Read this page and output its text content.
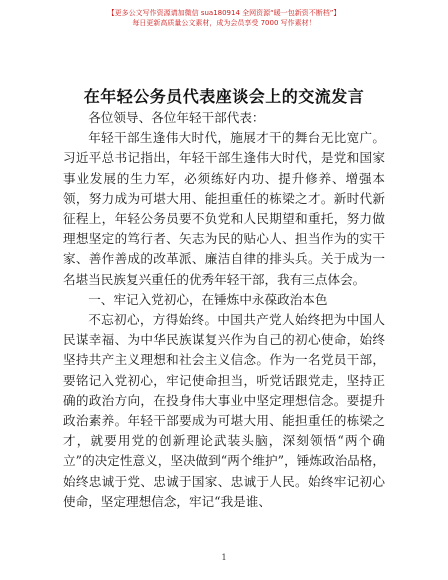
【更多公文写作资源请加微信 sua180914 全网资源“暖一包新资不断档”】
每日更新高质量公文素材，成为会员享受 7000 写作素材！
在年轻公务员代表座谈会上的交流发言

各位领导、各位年轻干部代表：

年轻干部生逢伟大时代，施展才干的舞台无比宽广。习近平总书记指出，年轻干部生逢伟大时代，是党和国家事业发展的生力军，必须练好内功、提升修养、增强本领，努力成为可堪大用、能担重任的栋梁之才。新时代新征程上，年轻公务员要不负党和人民期望和重托，努力做理想坚定的笃行者、矢志为民的贴心人、担当作为的实干家、善作善成的改革派、廉洁自律的排头兵。关于成为一名堪当民族复兴重任的优秀年轻干部，我有三点体会。

一、牢记入党初心，在锤炼中永葆政治本色

不忘初心，方得始终。中国共产党人始终把为中国人民谋幸福、为中华民族谋复兴作为自己的初心使命，始终坚持共产主义理想和社会主义信念。作为一名党员干部，要铭记入党初心，牢记使命担当，听党话跟党走，坚持正确的政治方向，在投身伟大事业中坚定理想信念。要提升政治素养。年轻干部要成为可堪大用、能担重任的栋梁之才，就要用党的创新理论武装头脑，深刻领悟“两个确立”的决定性意义，坚决做到“两个维护”，锤炼政治品格，始终忠诚于党、忠诚于国家、忠诚于人民。始终牢记初心使命，坚定理想信念，牢记“我是谁、

1
